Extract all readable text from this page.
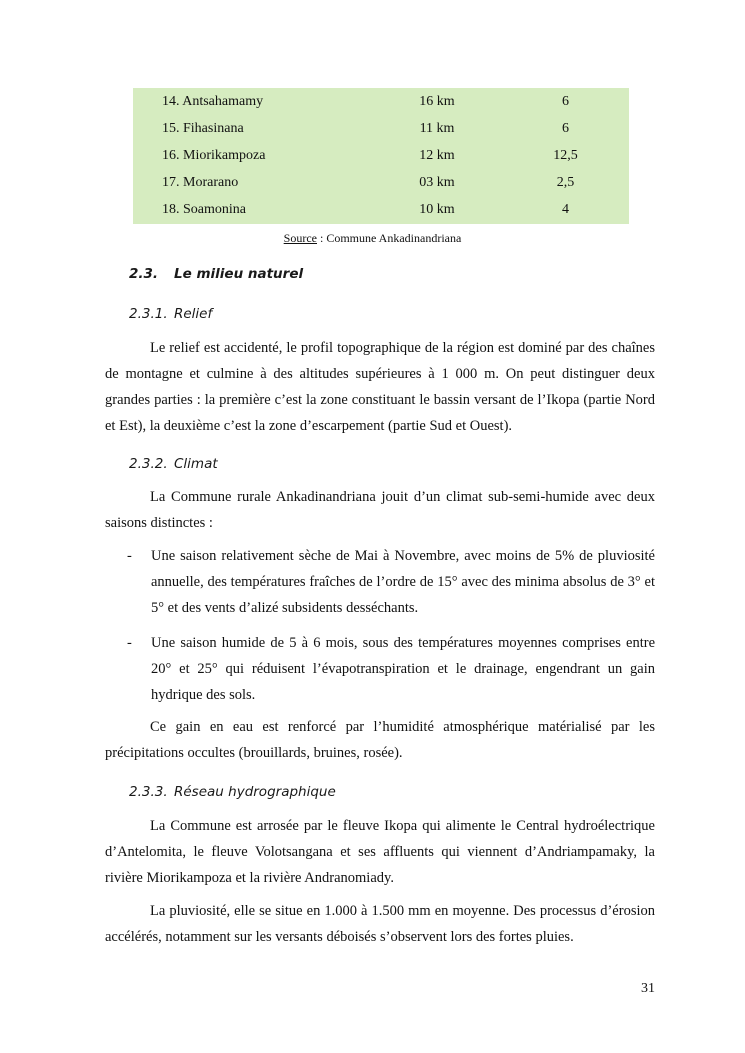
14. Antsahamamy	16 km	6
15. Fihasinana	11 km	6
16. Miorikampoza	12 km	12,5
17. Morarano	03 km	2,5
18. Soamonina	10 km	4
Source : Commune Ankadinandriana
2.3. Le milieu naturel
2.3.1. Relief
Le relief est accidenté, le profil topographique de la région est dominé par des chaînes de montagne et culmine à des altitudes supérieures à 1 000 m. On peut distinguer deux grandes parties : la première c’est la zone constituant le bassin versant de l’Ikopa (partie Nord et Est), la deuxième c’est la zone d’escarpement (partie Sud et Ouest).
2.3.2. Climat
La Commune rurale Ankadinandriana jouit d’un climat sub-semi-humide avec deux saisons distinctes :
- Une saison relativement sèche de Mai à Novembre, avec moins de 5% de pluviosité annuelle, des températures fraîches de l’ordre de 15° avec des minima absolus de 3° et 5° et des vents d’alizé subsidents desséchants.
- Une saison humide de 5 à 6 mois, sous des températures moyennes comprises entre 20° et 25° qui réduisent l’évapotranspiration et le drainage, engendrant un gain hydrique des sols.
Ce gain en eau est renforcé par l’humidité atmosphérique matérialisé par les précipitations occultes (brouillards, bruines, rosée).
2.3.3. Réseau hydrographique
La Commune est arrosée par le fleuve Ikopa qui alimente le Central hydroélectrique d’Antelomita, le fleuve Volotsangana et ses affluents qui viennent d’Andriampamaky, la rivière Miorikampoza et la rivière Andranomiady.
La pluviosité, elle se situe en 1.000 à 1.500 mm en moyenne. Des processus d’érosion accélérés, notamment sur les versants déboisés s’observent lors des fortes pluies.
31
